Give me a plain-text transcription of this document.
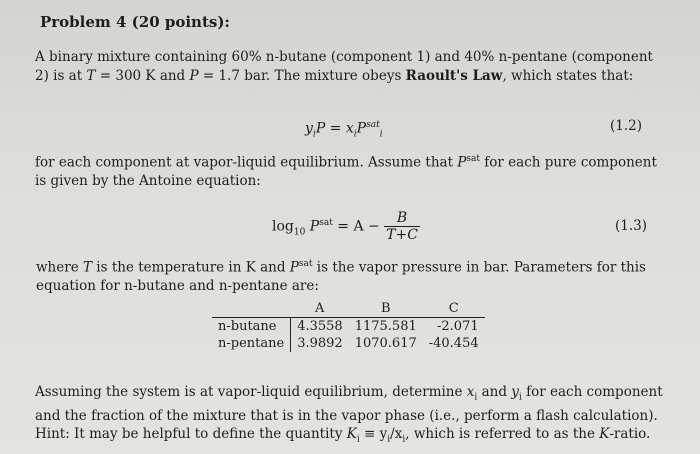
Problem 4 (20 points):
A binary mixture containing 60% n-butane (component 1) and 40% n-pentane (component 2) is at T = 300 K and P = 1.7 bar. The mixture obeys Raoult's Law, which states that:
$y_iP = x_iP^{sat}_i$
(1.2)
for each component at vapor-liquid equilibrium. Assume that $P^{sat}$ for each pure component is given by the Antoine equation:
$\log_{10} P^{sat} = A - \frac{B}{T+C}$	(1.3)
where T is the temperature in K and $P^{sat}$ is the vapor pressure in bar. Parameters for this equation for n-butane and n-pentane are:
	A	B	C
n-butane	4.3558	1175.581	-2.071
n-pentane	3.9892	1070.617	-40.454
Assuming the system is at vapor-liquid equilibrium, determine $x_i$ and $y_i$ for each component and the fraction of the mixture that is in the vapor phase (i.e., perform a flash calculation). Hint: It may be helpful to define the quantity $K_i \equiv y_i/x_i$, which is referred to as the K-ratio.
